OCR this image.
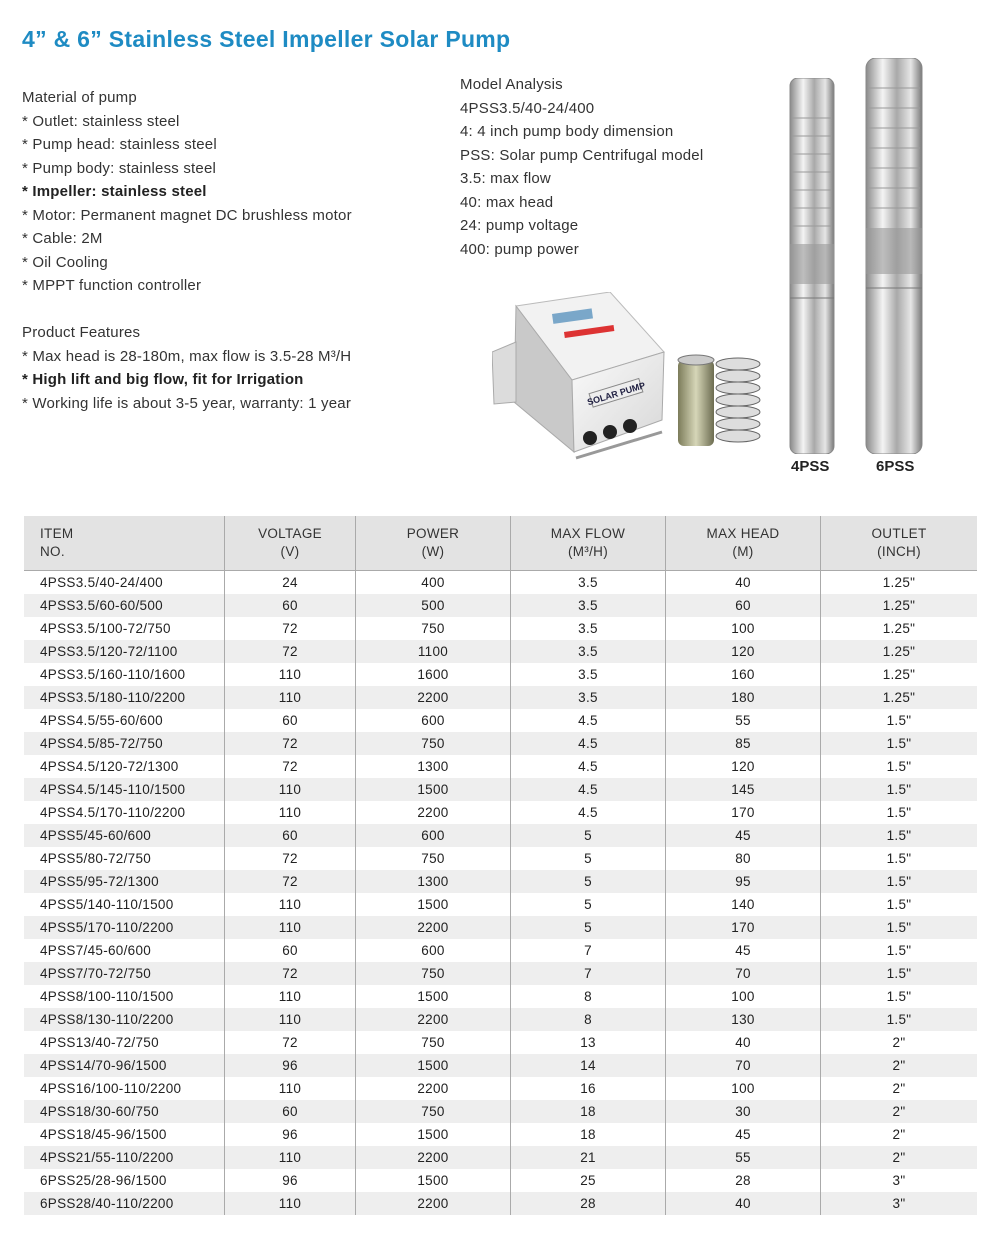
4” & 6” Stainless Steel Impeller Solar Pump
Material of pump
* Outlet: stainless steel
* Pump head: stainless steel
* Pump body: stainless steel
* Impeller: stainless steel
* Motor: Permanent magnet DC brushless motor
* Cable: 2M
* Oil Cooling
* MPPT function controller
Product Features
* Max head is 28-180m, max flow is 3.5-28 M³/H
* High lift and big flow, fit for Irrigation
* Working life is about 3-5 year, warranty: 1 year
Model Analysis
4PSS3.5/40-24/400
4: 4 inch pump body dimension
PSS: Solar pump Centrifugal model
3.5: max flow
40: max head
24: pump voltage
400: pump power
SOLAR PUMP
4PSS	6PSS
ITEM
NO.
VOLTAGE
(V)
POWER
(W)
MAX FLOW
(M³/H)
MAX HEAD
(M)
OUTLET
(INCH)
4PSS3.5/40-24/400	24	400	3.5	40	1.25"
4PSS3.5/60-60/500	60	500	3.5	60	1.25"
4PSS3.5/100-72/750	72	750	3.5	100	1.25"
4PSS3.5/120-72/1100	72	1100	3.5	120	1.25"
4PSS3.5/160-110/1600	110	1600	3.5	160	1.25"
4PSS3.5/180-110/2200	110	2200	3.5	180	1.25"
4PSS4.5/55-60/600	60	600	4.5	55	1.5"
4PSS4.5/85-72/750	72	750	4.5	85	1.5"
4PSS4.5/120-72/1300	72	1300	4.5	120	1.5"
4PSS4.5/145-110/1500	110	1500	4.5	145	1.5"
4PSS4.5/170-110/2200	110	2200	4.5	170	1.5"
4PSS5/45-60/600	60	600	5	45	1.5"
4PSS5/80-72/750	72	750	5	80	1.5"
4PSS5/95-72/1300	72	1300	5	95	1.5"
4PSS5/140-110/1500	110	1500	5	140	1.5"
4PSS5/170-110/2200	110	2200	5	170	1.5"
4PSS7/45-60/600	60	600	7	45	1.5"
4PSS7/70-72/750	72	750	7	70	1.5"
4PSS8/100-110/1500	110	1500	8	100	1.5"
4PSS8/130-110/2200	110	2200	8	130	1.5"
4PSS13/40-72/750	72	750	13	40	2"
4PSS14/70-96/1500	96	1500	14	70	2"
4PSS16/100-110/2200	110	2200	16	100	2"
4PSS18/30-60/750	60	750	18	30	2"
4PSS18/45-96/1500	96	1500	18	45	2"
4PSS21/55-110/2200	110	2200	21	55	2"
6PSS25/28-96/1500	96	1500	25	28	3"
6PSS28/40-110/2200	110	2200	28	40	3"
